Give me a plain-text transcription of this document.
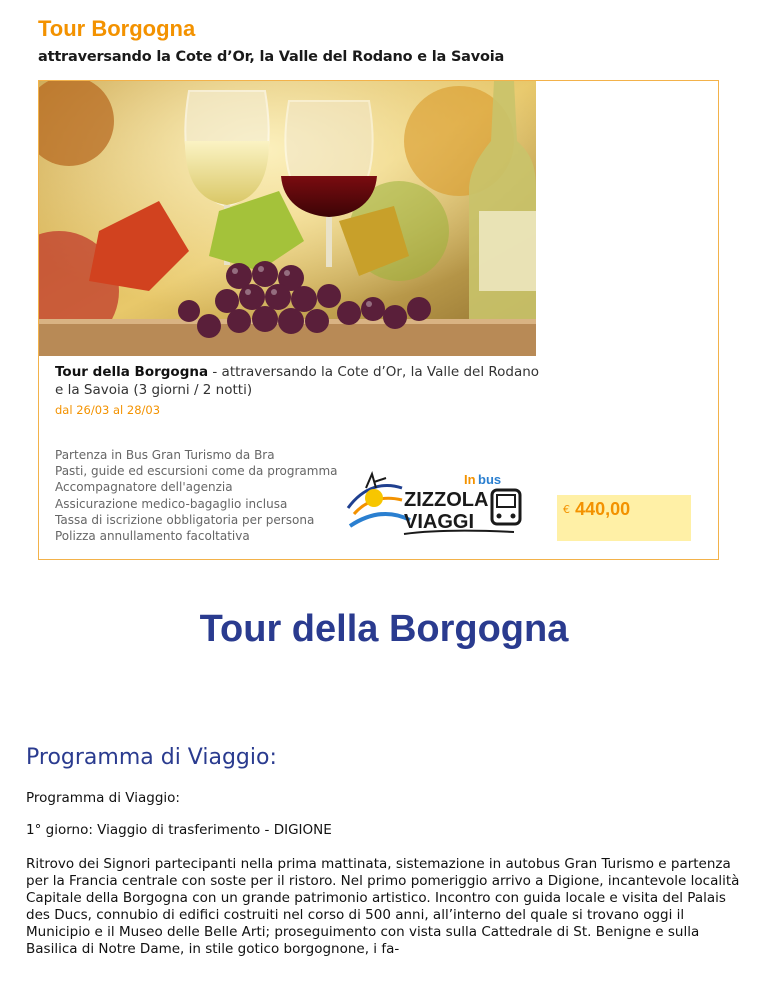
Tour Borgogna
attraversando la Cote d’Or, la Valle del Rodano e la Savoia
Tour della Borgogna - attraversando la Cote d’Or, la Valle del Rodano e la Savoia (3 giorni / 2 notti)
dal 26/03 al 28/03
Partenza in Bus Gran Turismo da Bra
Pasti, guide ed escursioni come da programma
Accompagnatore dell'agenzia
Assicurazione medico-bagaglio inclusa
Tassa di iscrizione obbligatoria per persona
Polizza annullamento facoltativa
In bus
ZIZZOLA
VIAGGI
€ 440,00
Tour della Borgogna
Programma di Viaggio:

Programma di Viaggio:

1° giorno: Viaggio di trasferimento - DIGIONE

Ritrovo dei Signori partecipanti nella prima mattinata, sistemazione in autobus Gran Turismo e partenza per la Francia centrale con soste per il ristoro. Nel primo pomeriggio arrivo a Digione, incantevole località Capitale della Borgogna con un grande patrimonio artistico. Incontro con guida locale e visita del Palais des Ducs, connubio di edifici costruiti nel corso di 500 anni, all’interno del quale si trovano oggi il Municipio e il Museo delle Belle Arti; proseguimento con vista sulla Cattedrale di St. Benigne e sulla Basilica di Notre Dame, in stile gotico borgognone, i fa-
